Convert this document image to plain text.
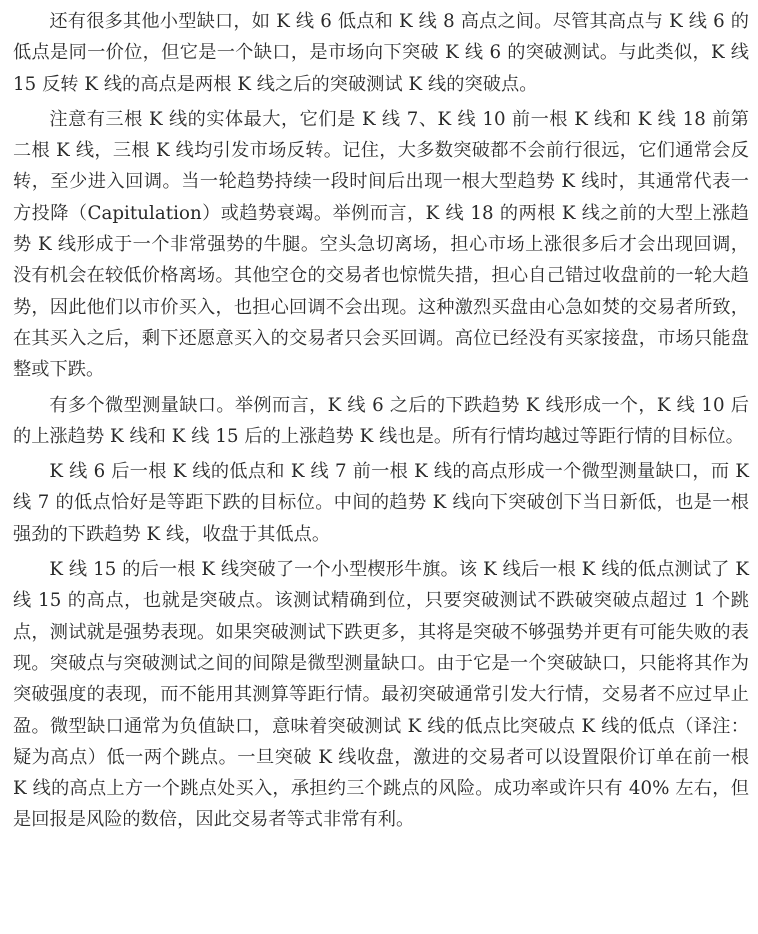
还有很多其他小型缺口，如 K 线 6 低点和 K 线 8 高点之间。尽管其高点与 K 线 6 的低点是同一价位，但它是一个缺口，是市场向下突破 K 线 6 的突破测试。与此类似，K 线 15 反转 K 线的高点是两根 K 线之后的突破测试 K 线的突破点。

注意有三根 K 线的实体最大，它们是 K 线 7、K 线 10 前一根 K 线和 K 线 18 前第二根 K 线，三根 K 线均引发市场反转。记住，大多数突破都不会前行很远，它们通常会反转，至少进入回调。当一轮趋势持续一段时间后出现一根大型趋势 K 线时，其通常代表一方投降（Capitulation）或趋势衰竭。举例而言，K 线 18 的两根 K 线之前的大型上涨趋势 K 线形成于一个非常强势的牛腿。空头急切离场，担心市场上涨很多后才会出现回调，没有机会在较低价格离场。其他空仓的交易者也惊慌失措，担心自己错过收盘前的一轮大趋势，因此他们以市价买入，也担心回调不会出现。这种激烈买盘由心急如焚的交易者所致，在其买入之后，剩下还愿意买入的交易者只会买回调。高位已经没有买家接盘，市场只能盘整或下跌。

有多个微型测量缺口。举例而言，K 线 6 之后的下跌趋势 K 线形成一个，K 线 10 后的上涨趋势 K 线和 K 线 15 后的上涨趋势 K 线也是。所有行情均越过等距行情的目标位。

K 线 6 后一根 K 线的低点和 K 线 7 前一根 K 线的高点形成一个微型测量缺口，而 K 线 7 的低点恰好是等距下跌的目标位。中间的趋势 K 线向下突破创下当日新低，也是一根强劲的下跌趋势 K 线，收盘于其低点。

K 线 15 的后一根 K 线突破了一个小型楔形牛旗。该 K 线后一根 K 线的低点测试了 K 线 15 的高点，也就是突破点。该测试精确到位，只要突破测试不跌破突破点超过 1 个跳点，测试就是强势表现。如果突破测试下跌更多，其将是突破不够强势并更有可能失败的表现。突破点与突破测试之间的间隙是微型测量缺口。由于它是一个突破缺口，只能将其作为突破强度的表现，而不能用其测算等距行情。最初突破通常引发大行情，交易者不应过早止盈。微型缺口通常为负值缺口，意味着突破测试 K 线的低点比突破点 K 线的低点（译注：疑为高点）低一两个跳点。一旦突破 K 线收盘，激进的交易者可以设置限价订单在前一根 K 线的高点上方一个跳点处买入，承担约三个跳点的风险。成功率或许只有 40% 左右，但是回报是风险的数倍，因此交易者等式非常有利。
